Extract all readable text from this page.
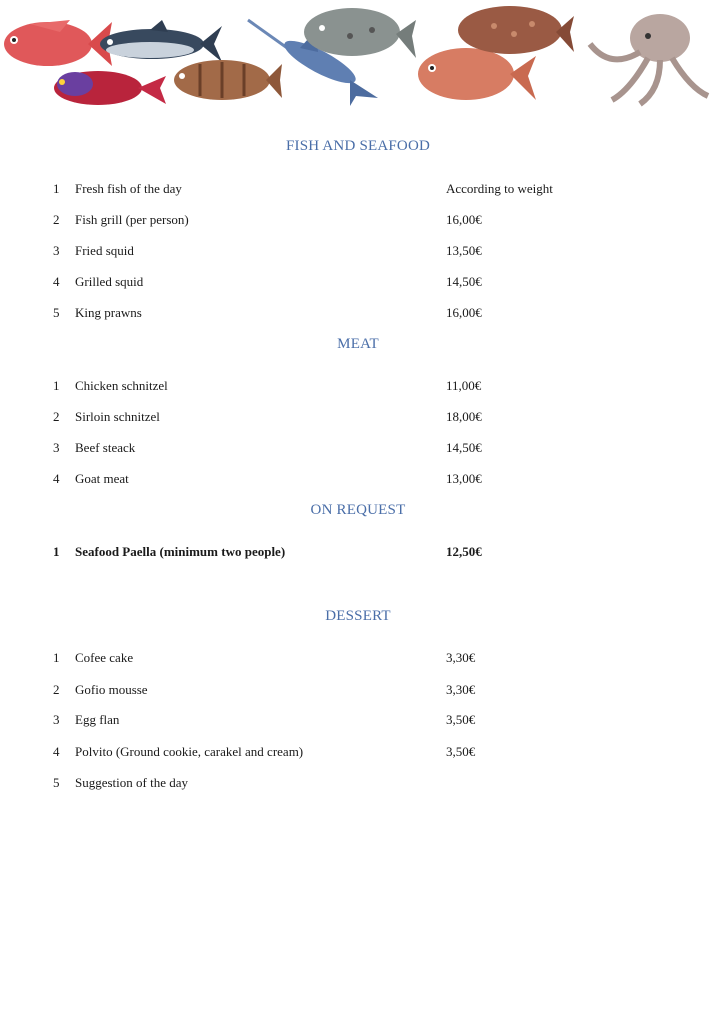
FISH AND SEAFOOD
1 Fresh fish of the day	According to weight
2 Fish grill (per person)	16,00€
3 Fried squid	13,50€
4 Grilled squid	14,50€
5 King prawns	16,00€
MEAT
1 Chicken schnitzel	11,00€
2 Sirloin schnitzel	18,00€
3 Beef steack	14,50€
4 Goat meat	13,00€
ON REQUEST
1 Seafood Paella (minimum two people)	12,50€
DESSERT
1 Cofee cake	3,30€
2 Gofio mousse	3,30€
3 Egg flan	3,50€
4 Polvito (Ground cookie, carakel and cream)	3,50€
5 Suggestion of the day
